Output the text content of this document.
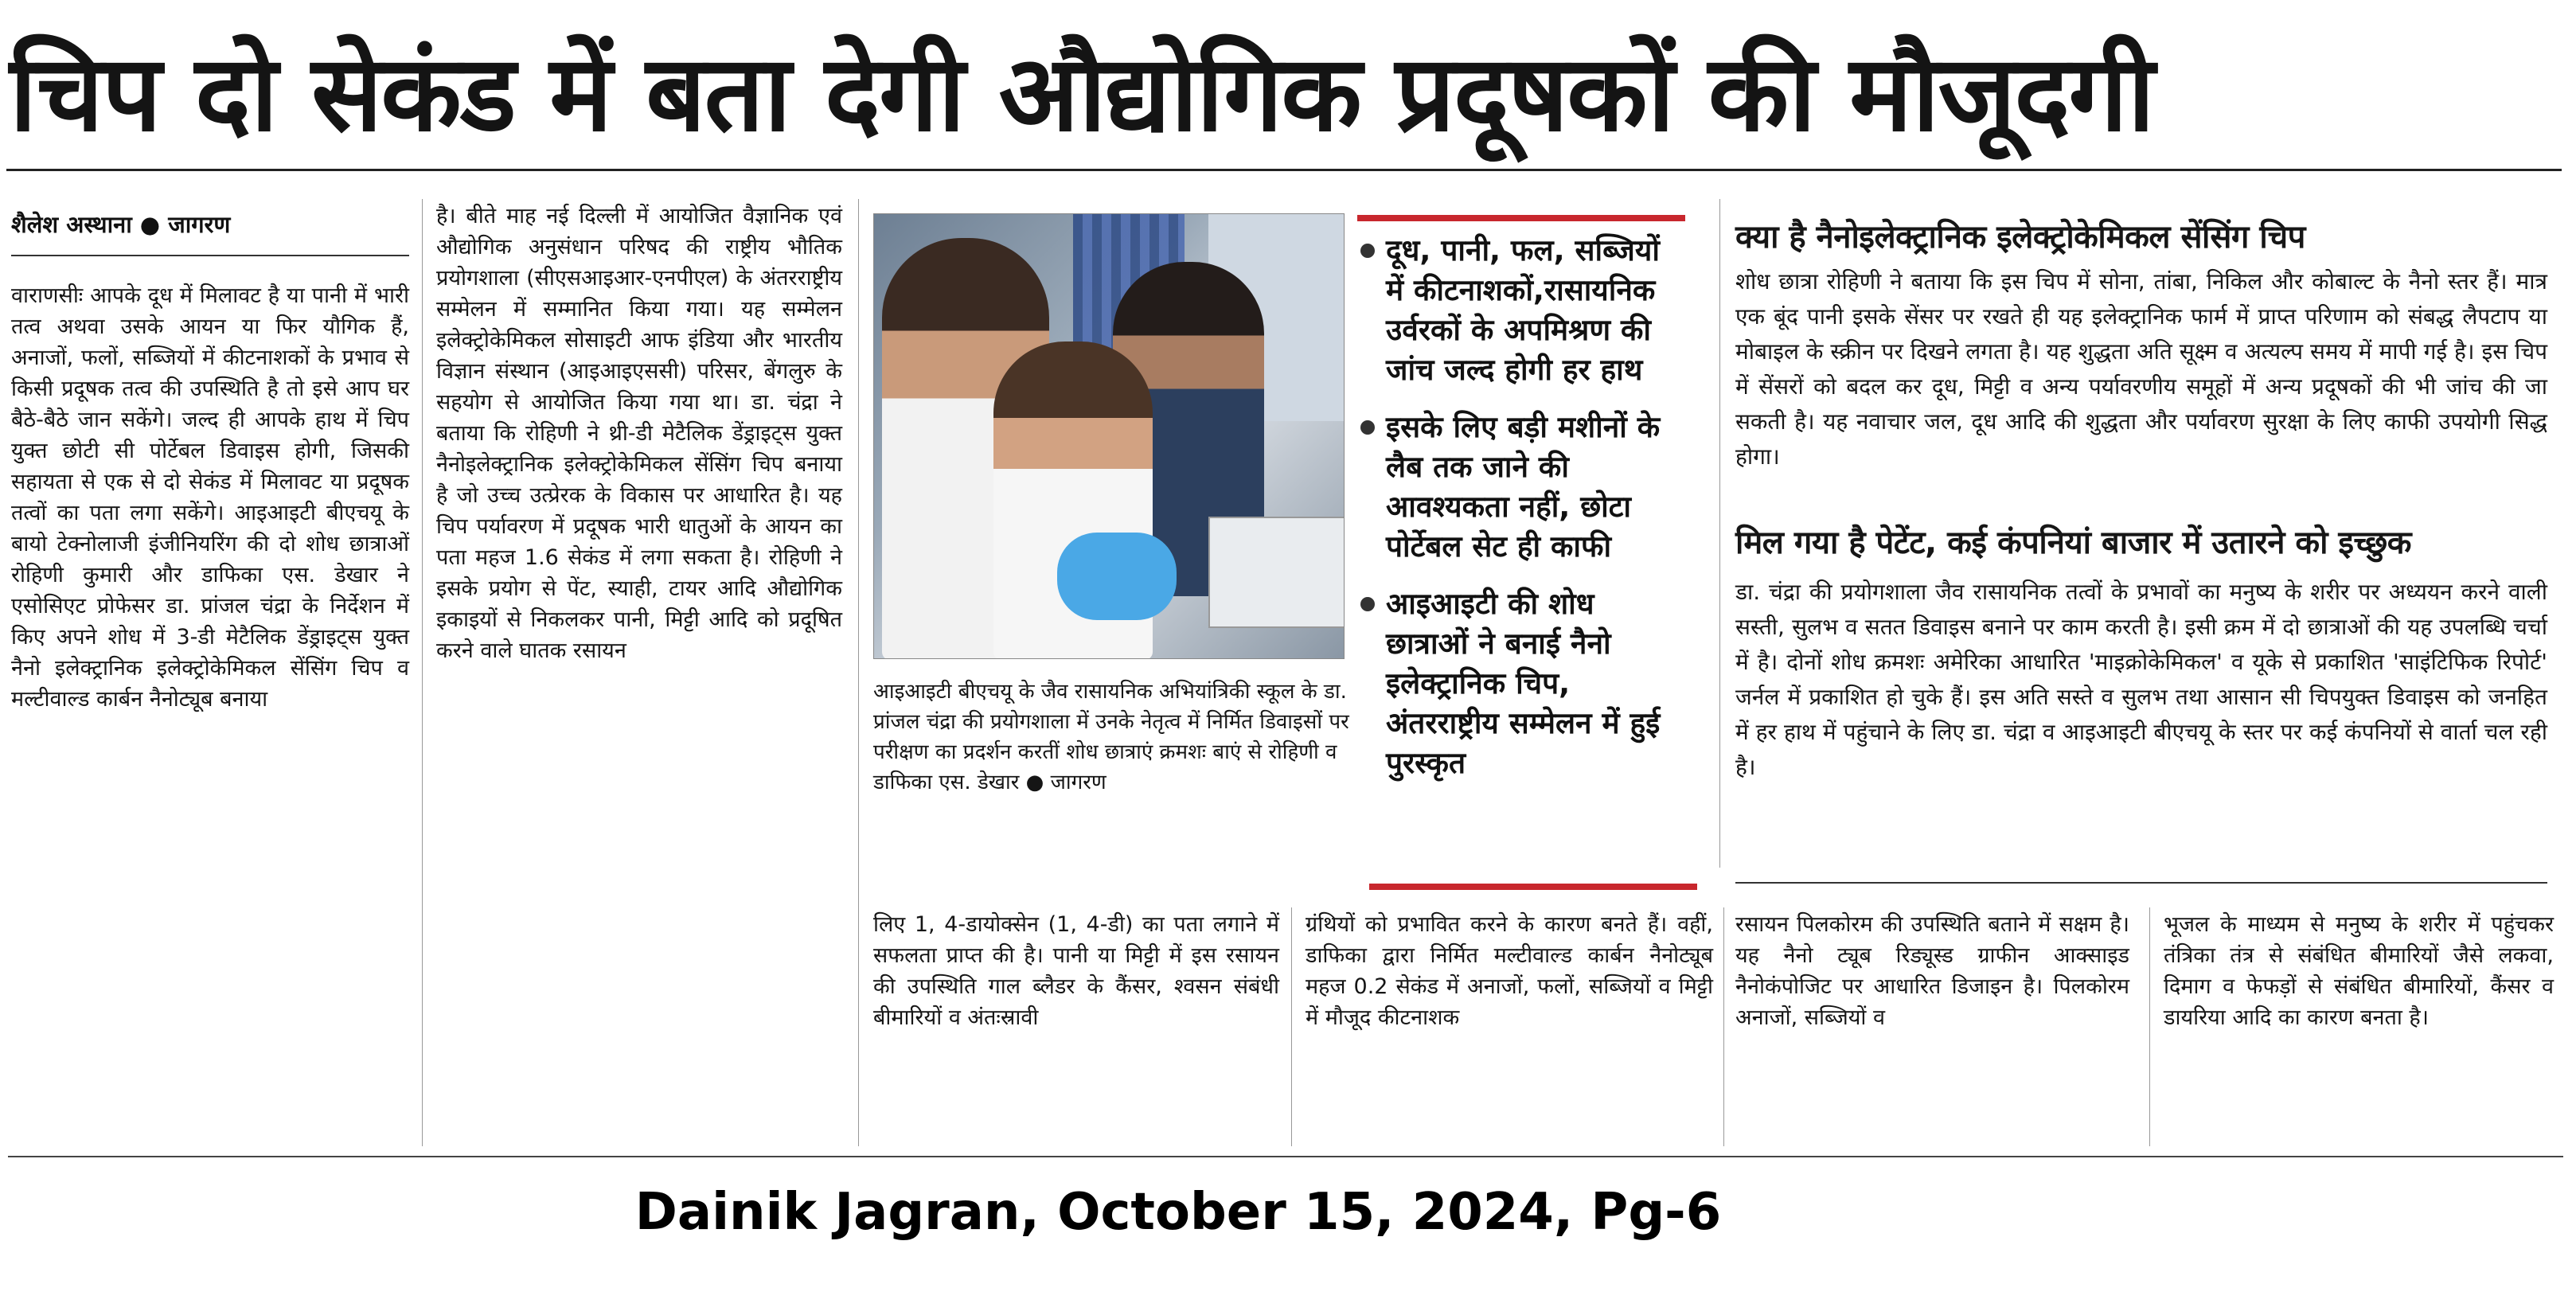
चिप दो सेकंड में बता देगी औद्योगिक प्रदूषकों की मौजूदगी
शैलेश अस्थाना ● जागरण
वाराणसीः आपके दूध में मिलावट है या पानी में भारी तत्व अथवा उसके आयन या फिर यौगिक हैं, अनाजों, फलों, सब्जियों में कीटनाशकों के प्रभाव से किसी प्रदूषक तत्व की उपस्थिति है तो इसे आप घर बैठे-बैठे जान सकेंगे। जल्द ही आपके हाथ में चिप युक्त छोटी सी पोर्टेबल डिवाइस होगी, जिसकी सहायता से एक से दो सेकंड में मिलावट या प्रदूषक तत्वों का पता लगा सकेंगे। आइआइटी बीएचयू के बायो टेक्नोलाजी इंजीनियरिंग की दो शोध छात्राओं रोहिणी कुमारी और डाफिका एस. डेखार ने एसोसिएट प्रोफेसर डा. प्रांजल चंद्रा के निर्देशन में किए अपने शोध में 3-डी मेटैलिक डेंड्राइट्स युक्त नैनो इलेक्ट्रानिक इलेक्ट्रोकेमिकल सेंसिंग चिप व मल्टीवाल्ड कार्बन नैनोट्यूब बनाया
है। बीते माह नई दिल्ली में आयोजित वैज्ञानिक एवं औद्योगिक अनुसंधान परिषद की राष्ट्रीय भौतिक प्रयोगशाला (सीएसआइआर-एनपीएल) के अंतरराष्ट्रीय सम्मेलन में सम्मानित किया गया। यह सम्मेलन इलेक्ट्रोकेमिकल सोसाइटी आफ इंडिया और भारतीय विज्ञान संस्थान (आइआइएससी) परिसर, बेंगलुरु के सहयोग से आयोजित किया गया था। डा. चंद्रा ने बताया कि रोहिणी ने थ्री-डी मेटैलिक डेंड्राइट्स युक्त नैनोइलेक्ट्रानिक इलेक्ट्रोकेमिकल सेंसिंग चिप बनाया है जो उच्च उत्प्रेरक के विकास पर आधारित है। यह चिप पर्यावरण में प्रदूषक भारी धातुओं के आयन का पता महज 1.6 सेकंड में लगा सकता है। रोहिणी ने इसके प्रयोग से पेंट, स्याही, टायर आदि औद्योगिक इकाइयों से निकलकर पानी, मिट्टी आदि को प्रदूषित करने वाले घातक रसायन
आइआइटी बीएचयू के जैव रासायनिक अभियांत्रिकी स्कूल के डा. प्रांजल चंद्रा की प्रयोगशाला में उनके नेतृत्व में निर्मित डिवाइसों पर परीक्षण का प्रदर्शन करतीं शोध छात्राएं क्रमशः बाएं से रोहिणी व डाफिका एस. डेखार ● जागरण
दूध, पानी, फल, सब्जियों में कीटनाशकों,रासायनिक उर्वरकों के अपमिश्रण की जांच जल्द होगी हर हाथ
इसके लिए बड़ी मशीनों के लैब तक जाने की आवश्यकता नहीं, छोटा पोर्टेबल सेट ही काफी
आइआइटी की शोध छात्राओं ने बनाई नैनो इलेक्ट्रानिक चिप, अंतरराष्ट्रीय सम्मेलन में हुई पुरस्कृत
क्या है नैनोइलेक्ट्रानिक इलेक्ट्रोकेमिकल सेंसिंग चिप
शोध छात्रा रोहिणी ने बताया कि इस चिप में सोना, तांबा, निकिल और कोबाल्ट के नैनो स्तर हैं। मात्र एक बूंद पानी इसके सेंसर पर रखते ही यह इलेक्ट्रानिक फार्म में प्राप्त परिणाम को संबद्ध लैपटाप या मोबाइल के स्क्रीन पर दिखने लगता है। यह शुद्धता अति सूक्ष्म व अत्यल्प समय में मापी गई है। इस चिप में सेंसरों को बदल कर दूध, मिट्टी व अन्य पर्यावरणीय समूहों में अन्य प्रदूषकों की भी जांच की जा सकती है। यह नवाचार जल, दूध आदि की शुद्धता और पर्यावरण सुरक्षा के लिए काफी उपयोगी सिद्ध होगा।
मिल गया है पेटेंट, कई कंपनियां बाजार में उतारने को इच्छुक
डा. चंद्रा की प्रयोगशाला जैव रासायनिक तत्वों के प्रभावों का मनुष्य के शरीर पर अध्ययन करने वाली सस्ती, सुलभ व सतत डिवाइस बनाने पर काम करती है। इसी क्रम में दो छात्राओं की यह उपलब्धि चर्चा में है। दोनों शोध क्रमशः अमेरिका आधारित 'माइक्रोकेमिकल' व यूके से प्रकाशित 'साइंटिफिक रिपोर्ट' जर्नल में प्रकाशित हो चुके हैं। इस अति सस्ते व सुलभ तथा आसान सी चिपयुक्त डिवाइस को जनहित में हर हाथ में पहुंचाने के लिए डा. चंद्रा व आइआइटी बीएचयू के स्तर पर कई कंपनियों से वार्ता चल रही है।
लिए 1, 4-डायोक्सेन (1, 4-डी) का पता लगाने में सफलता प्राप्त की है। पानी या मिट्टी में इस रसायन की उपस्थिति गाल ब्लैडर के कैंसर, श्वसन संबंधी बीमारियों व अंतःस्रावी
ग्रंथियों को प्रभावित करने के कारण बनते हैं। वहीं, डाफिका द्वारा निर्मित मल्टीवाल्ड कार्बन नैनोट्यूब महज 0.2 सेकंड में अनाजों, फलों, सब्जियों व मिट्टी में मौजूद कीटनाशक
रसायन पिलकोरम की उपस्थिति बताने में सक्षम है। यह नैनो ट्यूब रिड्यूस्ड ग्राफीन आक्साइड नैनोकंपोजिट पर आधारित डिजाइन है। पिलकोरम अनाजों, सब्जियों व
भूजल के माध्यम से मनुष्य के शरीर में पहुंचकर तंत्रिका तंत्र से संबंधित बीमारियों जैसे लकवा, दिमाग व फेफड़ों से संबंधित बीमारियों, कैंसर व डायरिया आदि का कारण बनता है।
Dainik Jagran, October 15, 2024, Pg-6
